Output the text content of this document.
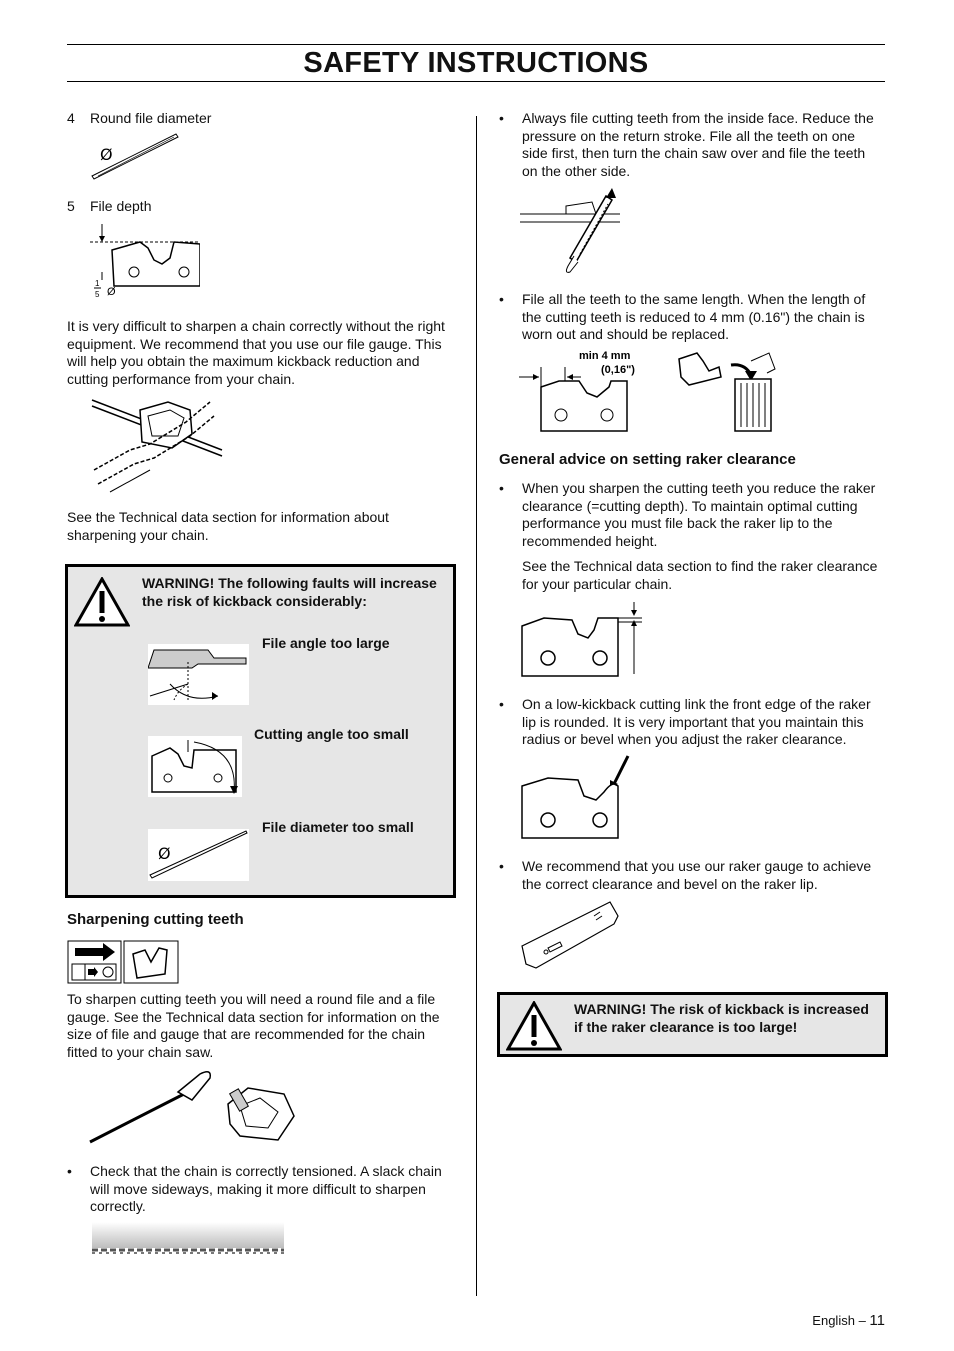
SAFETY INSTRUCTIONS
4 Round file diameter
Ø
5 File depth
1
5 Ø
It is very difficult to sharpen a chain correctly without the right equipment. We recommend that you use our file gauge. This will help you obtain the maximum kickback reduction and cutting performance from your chain.
See the Technical data section for information about sharpening your chain.
WARNING! The following faults will increase the risk of kickback considerably:
File angle too large
Cutting angle too small
Ø
File diameter too small
Sharpening cutting teeth
To sharpen cutting teeth you will need a round file and a file gauge. See the Technical data section for information on the size of file and gauge that are recommended for the chain fitted to your chain saw.
• Check that the chain is correctly tensioned. A slack chain will move sideways, making it more difficult to sharpen correctly.
• Always file cutting teeth from the inside face. Reduce the pressure on the return stroke. File all the teeth on one side first, then turn the chain saw over and file the teeth on the other side.
• File all the teeth to the same length. When the length of the cutting teeth is reduced to 4 mm (0.16") the chain is worn out and should be replaced.
min 4 mm
(0,16")
General advice on setting raker clearance
• When you sharpen the cutting teeth you reduce the raker clearance (=cutting depth). To maintain optimal cutting performance you must file back the raker lip to the recommended height.
See the Technical data section to find the raker clearance for your particular chain.
• On a low-kickback cutting link the front edge of the raker lip is rounded. It is very important that you maintain this radius or bevel when you adjust the raker clearance.
• We recommend that you use our raker gauge to achieve the correct clearance and bevel on the raker lip.
WARNING! The risk of kickback is increased if the raker clearance is too large!
English – 11
